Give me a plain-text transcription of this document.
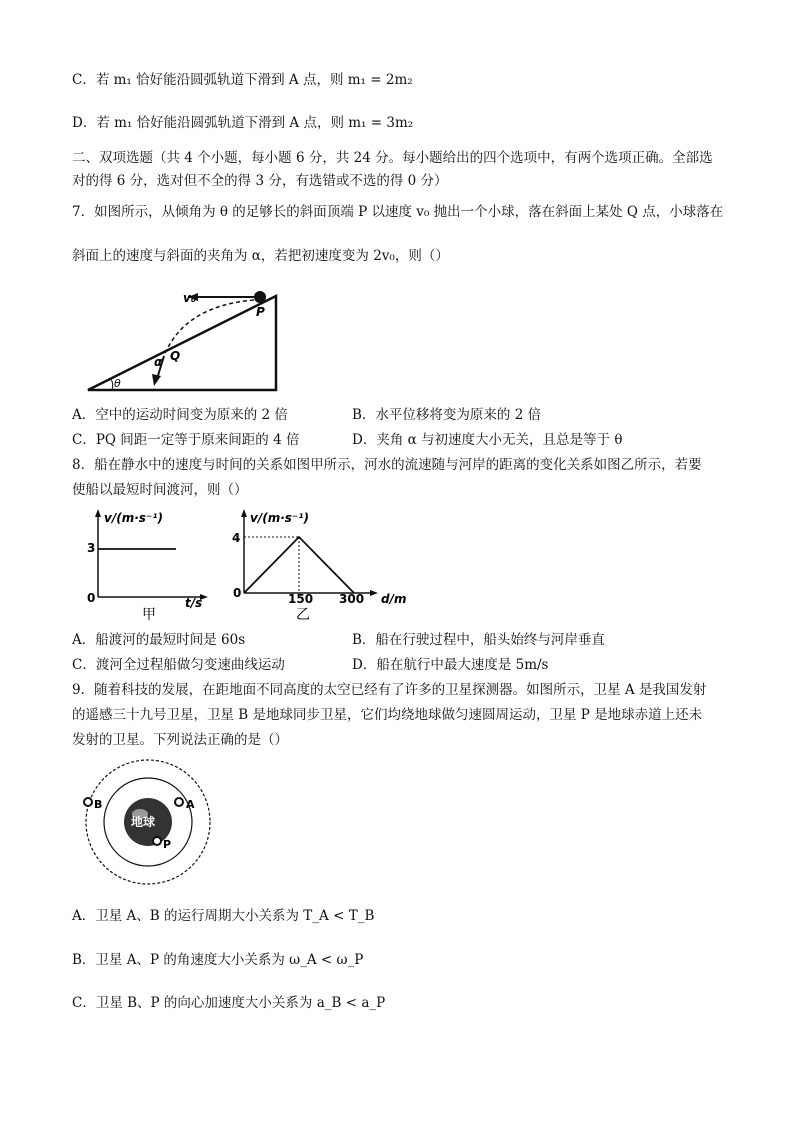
C．若 m₁ 恰好能沿圆弧轨道下滑到 A 点，则 m₁ = 2m₂
D．若 m₁ 恰好能沿圆弧轨道下滑到 A 点，则 m₁ = 3m₂
二、双项选题（共 4 个小题，每小题 6 分，共 24 分。每小题给出的四个选项中，有两个选项正确。全部选
对的得 6 分，选对但不全的得 3 分，有选错或不选的得 0 分）
7．如图所示，从倾角为 θ 的足够长的斜面顶端 P 以速度 v₀ 抛出一个小球，落在斜面上某处 Q 点，小球落在
斜面上的速度与斜面的夹角为 α，若把初速度变为 2v₀，则（）
v₀
P
Q
α
θ
A．空中的运动时间变为原来的 2 倍	B．水平位移将变为原来的 2 倍
C．PQ 间距一定等于原来间距的 4 倍	D．夹角 α 与初速度大小无关，且总是等于 θ
8．船在静水中的速度与时间的关系如图甲所示，河水的流速随与河岸的距离的变化关系如图乙所示，若要
使船以最短时间渡河，则（）
v/(m·s⁻¹)
3
0	t/s
甲
v/(m·s⁻¹)
4
0	150 300 d/m
乙
A．船渡河的最短时间是 60s	B．船在行驶过程中，船头始终与河岸垂直
C．渡河全过程船做匀变速曲线运动	D．船在航行中最大速度是 5m/s
9．随着科技的发展，在距地面不同高度的太空已经有了许多的卫星探测器。如图所示，卫星 A 是我国发射
的遥感三十九号卫星，卫星 B 是地球同步卫星，它们均绕地球做匀速圆周运动，卫星 P 是地球赤道上还未
发射的卫星。下列说法正确的是（）
地球
B	A
P
A．卫星 A、B 的运行周期大小关系为 T_A < T_B
B．卫星 A、P 的角速度大小关系为 ω_A < ω_P
C．卫星 B、P 的向心加速度大小关系为 a_B < a_P
